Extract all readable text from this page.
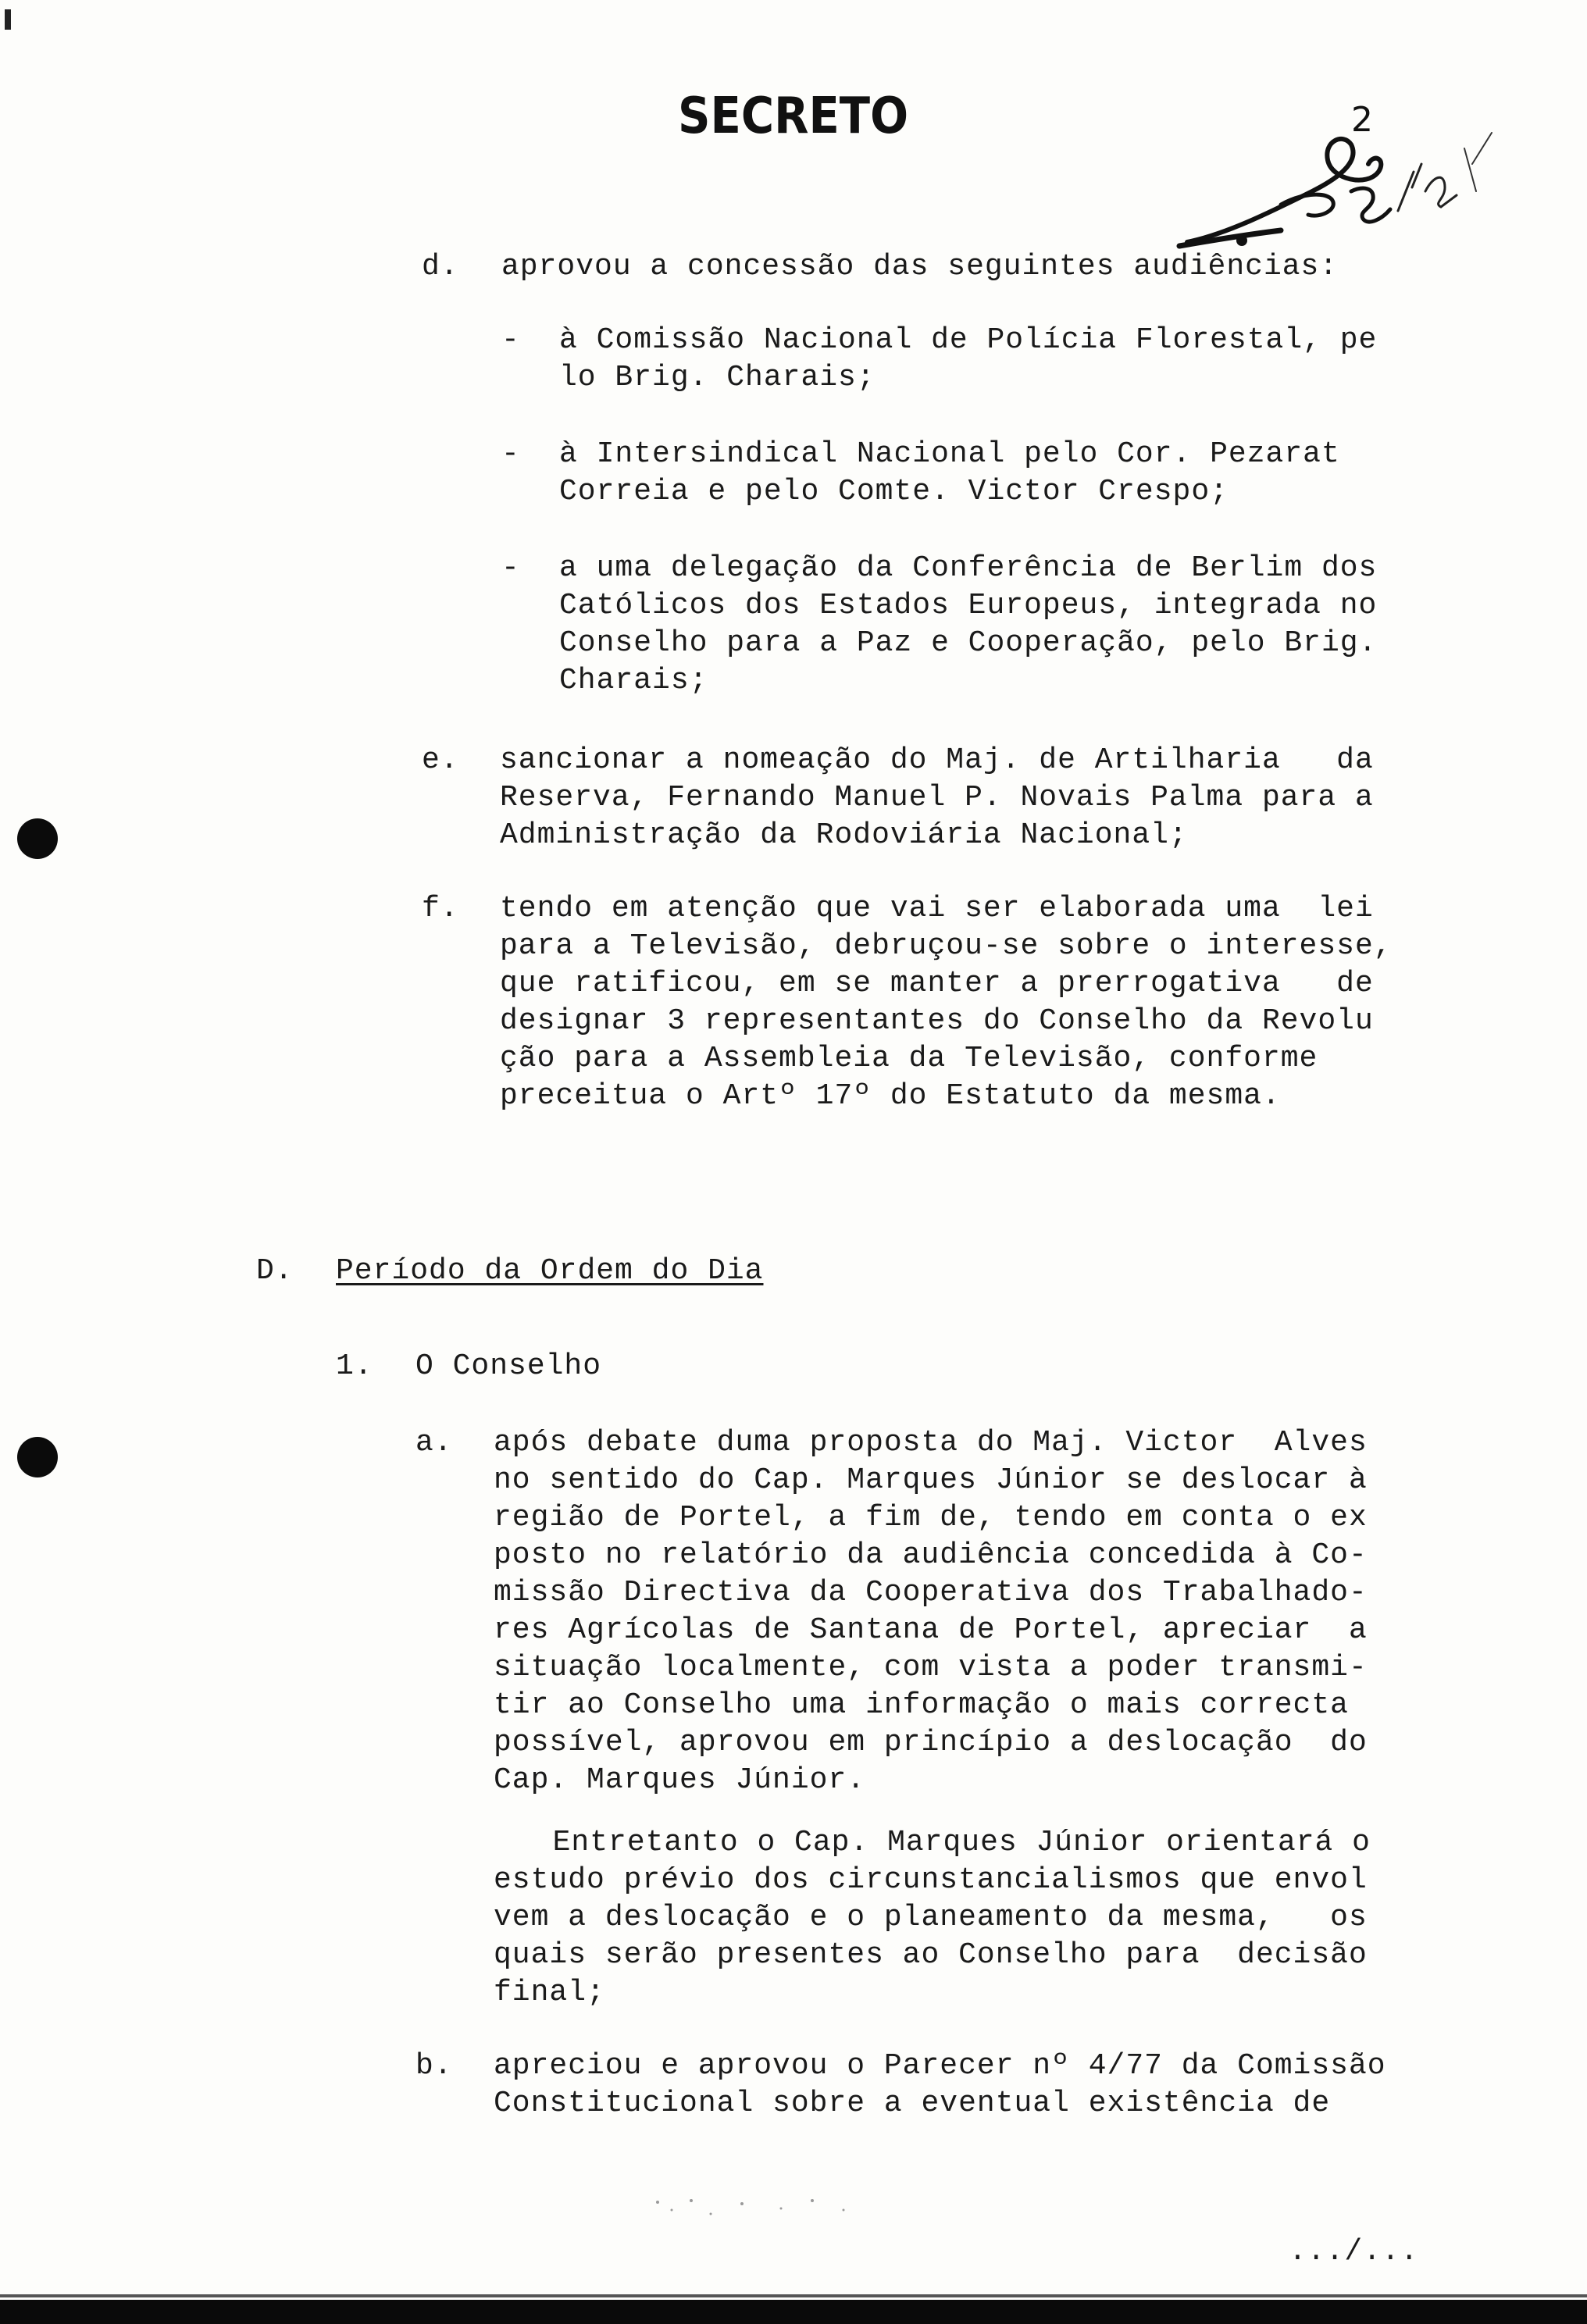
SECRETO	2
d. aprovou a concessão das seguintes audiências:
- à Comissão Nacional de Polícia Florestal, pe
lo Brig. Charais;
- à Intersindical Nacional pelo Cor. Pezarat
Correia e pelo Comte. Victor Crespo;
- a uma delegação da Conferência de Berlim dos
Católicos dos Estados Europeus, integrada no
Conselho para a Paz e Cooperação, pelo Brig.
Charais;
e. sancionar a nomeação do Maj. de Artilharia   da
Reserva, Fernando Manuel P. Novais Palma para a
Administração da Rodoviária Nacional;
f. tendo em atenção que vai ser elaborada uma  lei
para a Televisão, debruçou-se sobre o interesse,
que ratificou, em se manter a prerrogativa   de
designar 3 representantes do Conselho da Revolu
ção para a Assembleia da Televisão, conforme
preceitua o Artº 17º do Estatuto da mesma.
D. Período da Ordem do Dia
1. O Conselho
a. após debate duma proposta do Maj. Victor  Alves
no sentido do Cap. Marques Júnior se deslocar à
região de Portel, a fim de, tendo em conta o ex
posto no relatório da audiência concedida à Co-
missão Directiva da Cooperativa dos Trabalhado-
res Agrícolas de Santana de Portel, apreciar  a
situação localmente, com vista a poder transmi-
tir ao Conselho uma informação o mais correcta
possível, aprovou em princípio a deslocação  do
Cap. Marques Júnior.
Entretanto o Cap. Marques Júnior orientará o
estudo prévio dos circunstancialismos que envol
vem a deslocação e o planeamento da mesma,   os
quais serão presentes ao Conselho para  decisão
final;
b. apreciou e aprovou o Parecer nº 4/77 da Comissão
Constitucional sobre a eventual existência de
.../...
